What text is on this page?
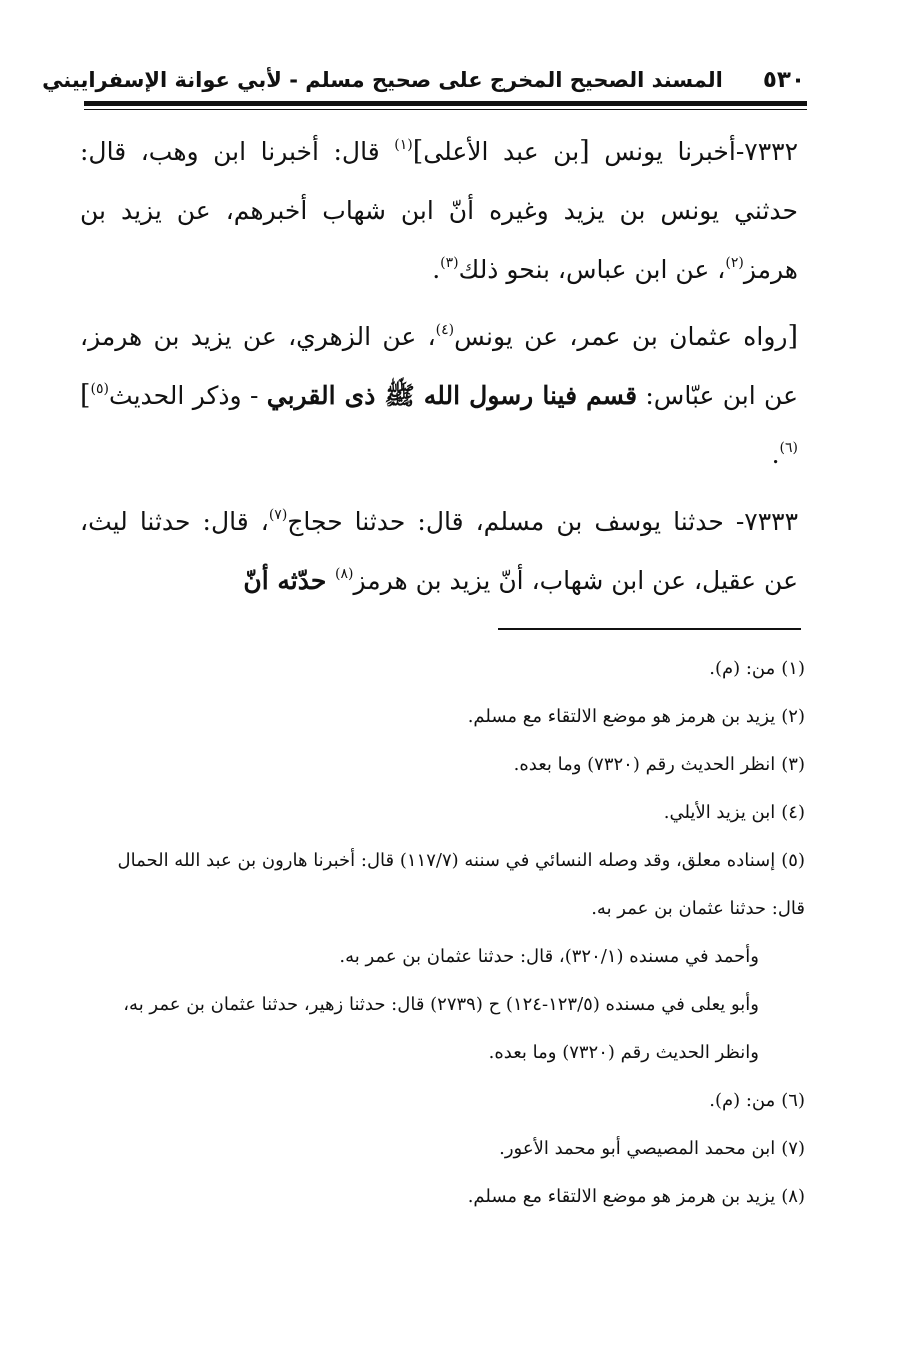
٥٣٠
المسند الصحيح المخرج على صحيح مسلم - لأبي عوانة الإسفراييني

٧٣٣٢-أخبرنا يونس [بن عبد الأعلى]$^{(١)}$ قال: أخبرنا ابن وهب، قال: حدثني يونس بن يزيد وغيره أنّ ابن شهاب أخبرهم، عن يزيد بن هرمز$^{(٢)}$، عن ابن عباس، بنحو ذلك$^{(٣)}$.

[رواه عثمان بن عمر، عن يونس$^{(٤)}$، عن الزهري، عن يزيد بن هرمز، عن ابن عبّاس: قسم فينا رسول الله ﷺ ذى القربي - وذكر الحديث$^{(٥)}$]$^{(٦)}$.

٧٣٣٣- حدثنا يوسف بن مسلم، قال: حدثنا حجاج$^{(٧)}$، قال: حدثنا ليث، عن عقيل، عن ابن شهاب، أنّ يزيد بن هرمز$^{(٨)}$ حدّثه أنّ

(١)من: (م).
(٢)يزيد بن هرمز هو موضع الالتقاء مع مسلم.
(٣)انظر الحديث رقم (٧٣٢٠) وما بعده.
(٤)ابن يزيد الأيلي.
(٥)إسناده معلق، وقد وصله النسائي في سننه (١١٧/٧) قال: أخبرنا هارون بن عبد الله الحمال قال: حدثنا عثمان بن عمر به.
وأحمد في مسنده (٣٢٠/١)، قال: حدثنا عثمان بن عمر به.
وأبو يعلى في مسنده (١٢٣/٥-١٢٤) ح (٢٧٣٩) قال: حدثنا زهير، حدثنا عثمان بن عمر به، وانظر الحديث رقم (٧٣٢٠) وما بعده.
(٦)من: (م).
(٧)ابن محمد المصيصي أبو محمد الأعور.
(٨)يزيد بن هرمز هو موضع الالتقاء مع مسلم.
